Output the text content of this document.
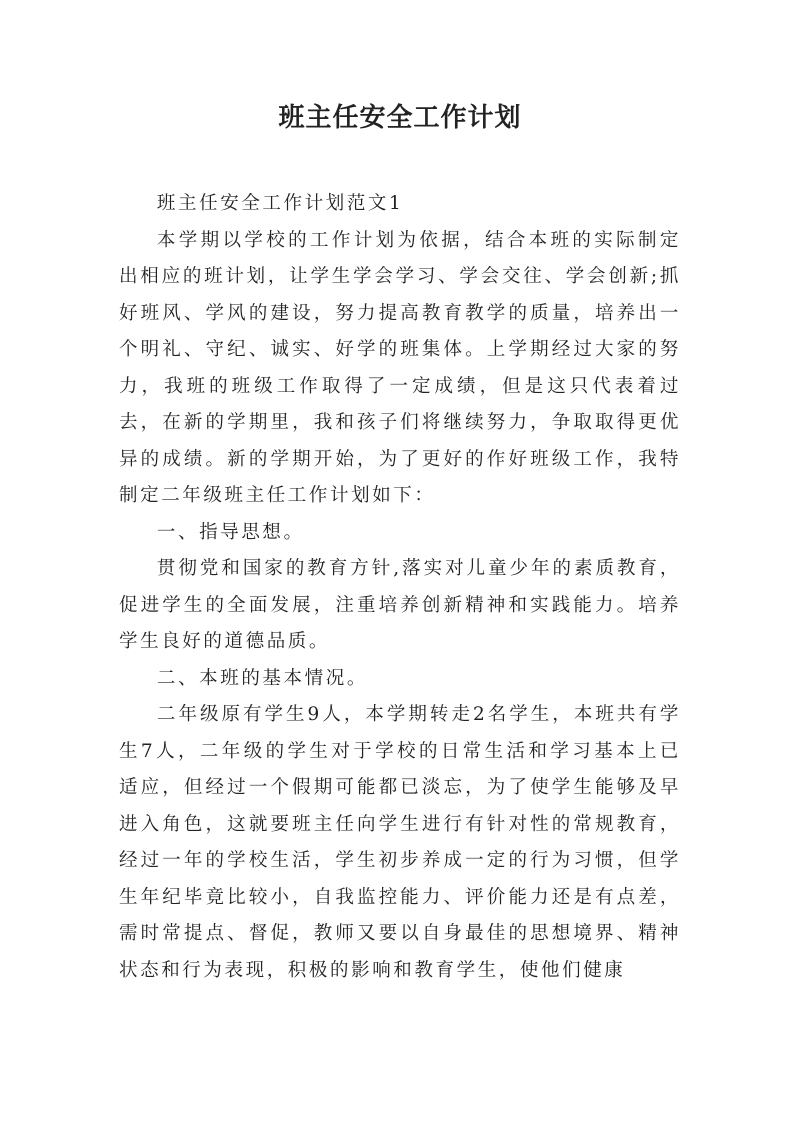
班主任安全工作计划

班主任安全工作计划范文1

本学期以学校的工作计划为依据，结合本班的实际制定出相应的班计划，让学生学会学习、学会交往、学会创新;抓好班风、学风的建设，努力提高教育教学的质量，培养出一个明礼、守纪、诚实、好学的班集体。上学期经过大家的努力，我班的班级工作取得了一定成绩，但是这只代表着过去，在新的学期里，我和孩子们将继续努力，争取取得更优异的成绩。新的学期开始，为了更好的作好班级工作，我特制定二年级班主任工作计划如下：

一、指导思想。

贯彻党和国家的教育方针,落实对儿童少年的素质教育，促进学生的全面发展，注重培养创新精神和实践能力。培养学生良好的道德品质。

二、本班的基本情况。

二年级原有学生9人，本学期转走2名学生，本班共有学生7人，二年级的学生对于学校的日常生活和学习基本上已适应，但经过一个假期可能都已淡忘，为了使学生能够及早进入角色，这就要班主任向学生进行有针对性的常规教育，经过一年的学校生活，学生初步养成一定的行为习惯，但学生年纪毕竟比较小，自我监控能力、评价能力还是有点差，需时常提点、督促，教师又要以自身最佳的思想境界、精神状态和行为表现，积极的影响和教育学生，使他们健康
